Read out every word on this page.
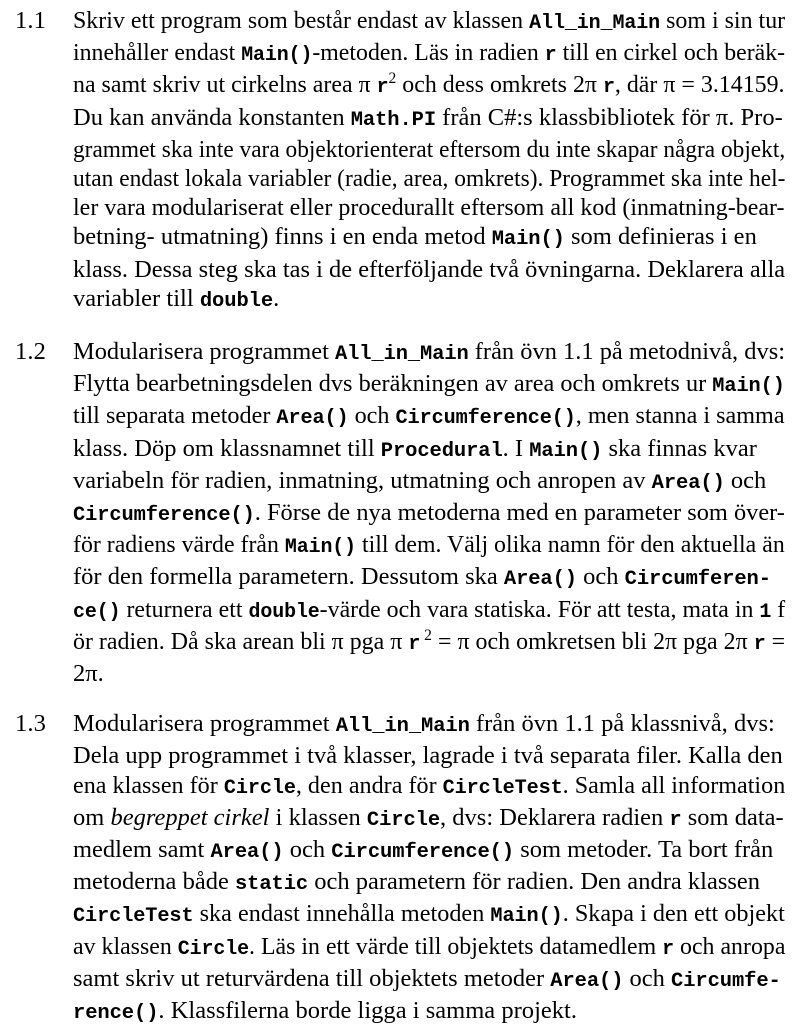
1.1	Skriv ett program som består endast av klassen All_in_Main som i sin turinnehåller endast Main()-metoden. Läs in radien r till en cirkel och beräk-na samt skriv ut cirkelns area π $r^2$ och dess omkrets 2π r, där π = 3.14159.Du kan använda konstanten Math.PI från C#:s klassbibliotek för π. Pro-grammet ska inte vara objektorienterat eftersom du inte skapar några objekt,utan endast lokala variabler (radie, area, omkrets). Programmet ska inte hel-ler vara modulariserat eller procedurallt eftersom all kod (inmatning-bear-betning- utmatning) finns i en enda metod Main() som definieras i enklass. Dessa steg ska tas i de efterföljande två övningarna. Deklarera alla
variabler till double.
1.2	Modularisera programmet All_in_Main från övn 1.1 på metodnivå, dvs:Flytta bearbetningsdelen dvs beräkningen av area och omkrets ur Main()till separata metoder Area() och Circumference(), men stanna i sammaklass. Döp om klassnamnet till Procedural. I Main() ska finnas kvarvariabeln för radien, inmatning, utmatning och anropen av Area() ochCircumference(). Förse de nya metoderna med en parameter som över-för radiens värde från Main() till dem. Välj olika namn för den aktuella änför den formella parametern. Dessutom ska Area() och Circumferen-ce() returnera ett double-värde och vara statiska. För att testa, mata in 1 för radien. Då ska arean bli π pga π r $^2$ = π och omkretsen bli 2π pga 2π r =
2π.
1.3	Modularisera programmet All_in_Main från övn 1.1 på klassnivå, dvs:Dela upp programmet i två klasser, lagrade i två separata filer. Kalla denena klassen för Circle, den andra för CircleTest. Samla all informationom begreppet cirkel i klassen Circle, dvs: Deklarera radien r som data-medlem samt Area() och Circumference() som metoder. Ta bort frånmetoderna både static och parametern för radien. Den andra klassenCircleTest ska endast innehålla metoden Main(). Skapa i den ett objektav klassen Circle. Läs in ett värde till objektets datamedlem r och anropasamt skriv ut returvärdena till objektets metoder Area() och Circumfe-
rence(). Klassfilerna borde ligga i samma projekt.
